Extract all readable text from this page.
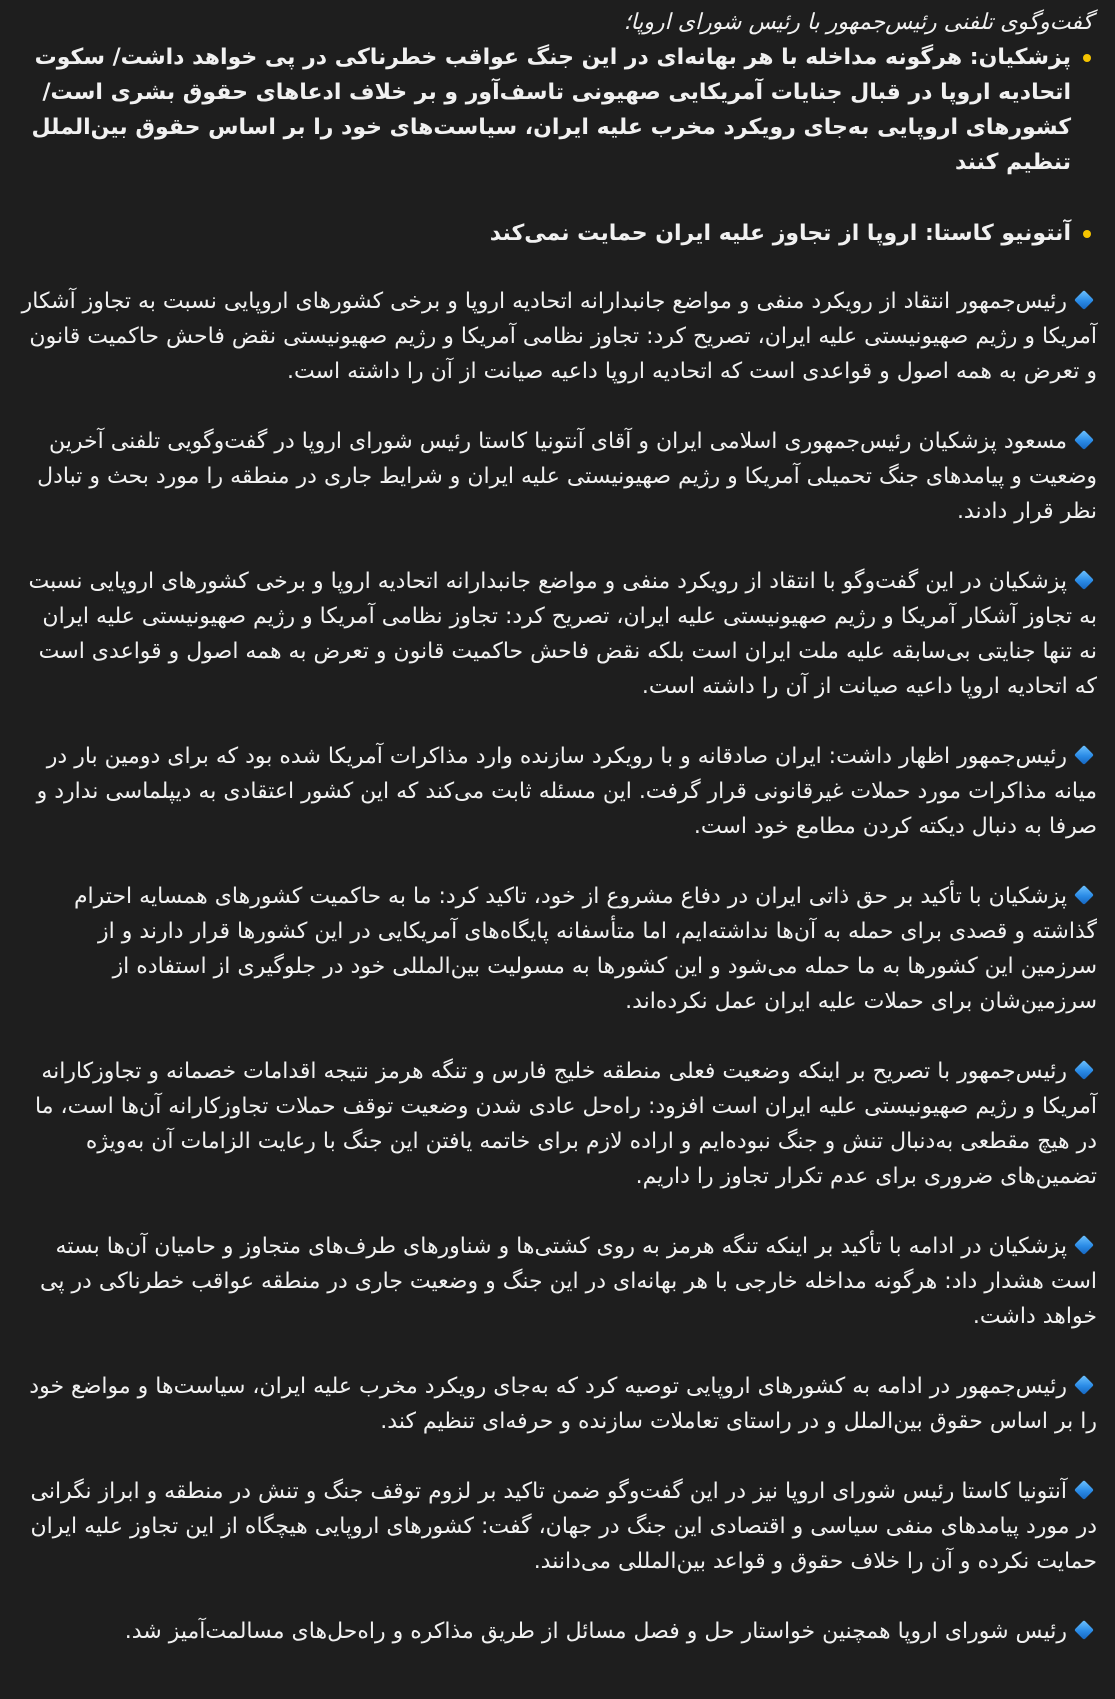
گفت‌وگوی تلفنی رئیس‌جمهور با رئیس شورای اروپا؛
پزشکیان: هرگونه مداخله با هر بهانه‌ای در این جنگ عواقب خطرناکی در پی خواهد داشت/ سکوت اتحادیه اروپا در قبال جنایات آمریکایی صهیونی تاسف‌آور و بر خلاف ادعاهای حقوق بشری است/ کشورهای اروپایی به‌جای رویکرد مخرب علیه ایران، سیاست‌های خود را بر اساس حقوق بین‌الملل تنظیم کنند
آنتونیو کاستا: اروپا از تجاوز علیه ایران حمایت نمی‌کند

رئیس‌جمهور انتقاد از رویکرد منفی و مواضع جانبدارانه اتحادیه اروپا و برخی کشورهای اروپایی نسبت به تجاوز آشکار آمریکا و رژیم صهیونیستی علیه ایران، تصریح کرد: تجاوز نظامی آمریکا و رژیم صهیونیستی نقض فاحش حاکمیت قانون و تعرض به همه اصول و قواعدی است که اتحادیه اروپا داعیه صیانت از آن را داشته است.

مسعود پزشکیان رئیس‌جمهوری اسلامی ایران و آقای آنتونیا کاستا رئیس شورای اروپا در گفت‌وگویی تلفنی آخرین وضعیت و پیامدهای جنگ تحمیلی آمریکا و رژیم صهیونیستی علیه ایران و شرایط جاری در منطقه را مورد بحث و تبادل نظر قرار دادند.

پزشکیان در این گفت‌وگو با انتقاد از رویکرد منفی و مواضع جانبدارانه اتحادیه اروپا و برخی کشورهای اروپایی نسبت به تجاوز آشکار آمریکا و رژیم صهیونیستی علیه ایران، تصریح کرد: تجاوز نظامی آمریکا و رژیم صهیونیستی علیه ایران نه تنها جنایتی بی‌سابقه علیه ملت ایران است بلکه نقض فاحش حاکمیت قانون و تعرض به همه اصول و قواعدی است که اتحادیه اروپا داعیه صیانت از آن را داشته است.

رئیس‌جمهور اظهار داشت: ایران صادقانه و با رویکرد سازنده وارد مذاکرات آمریکا شده بود که برای دومین بار در میانه مذاکرات مورد حملات غیرقانونی قرار گرفت. این مسئله ثابت می‌کند که این کشور اعتقادی به دیپلماسی ندارد و صرفا به دنبال دیکته کردن مطامع خود است.

پزشکیان با تأکید بر حق ذاتی ایران در دفاع مشروع از خود، تاکید کرد: ما به حاکمیت کشورهای همسایه احترام گذاشته و قصدی برای حمله به آن‌ها نداشته‌ایم، اما متأسفانه پایگاه‌های آمریکایی در این کشورها قرار دارند و از سرزمین این کشورها به ما حمله می‌شود و این کشورها به مسولیت بین‌المللی خود در جلوگیری از استفاده از سرزمین‌شان برای حملات علیه ایران عمل نکرده‌اند.

رئیس‌جمهور با تصریح بر اینکه وضعیت فعلی منطقه خلیج فارس و تنگه هرمز نتیجه اقدامات خصمانه و تجاوزکارانه آمریکا و رژیم صهیونیستی علیه ایران است افزود: راه‌حل عادی شدن وضعیت توقف حملات تجاوزکارانه آن‌ها است، ما در هیچ مقطعی به‌دنبال تنش و جنگ نبوده‌ایم و اراده لازم برای خاتمه یافتن این جنگ با رعایت الزامات آن به‌ویژه تضمین‌های ضروری برای عدم تکرار تجاوز را داریم.

پزشکیان در ادامه با تأکید بر اینکه تنگه هرمز به روی کشتی‌ها و شناورهای طرف‌های متجاوز و حامیان آن‌ها بسته است هشدار داد: هرگونه مداخله خارجی با هر بهانه‌ای در این جنگ و وضعیت جاری در منطقه عواقب خطرناکی در پی خواهد داشت.

رئیس‌جمهور در ادامه به کشورهای اروپایی توصیه کرد که به‌جای رویکرد مخرب علیه ایران، سیاست‌ها و مواضع خود را بر اساس حقوق بین‌الملل و در راستای تعاملات سازنده و حرفه‌ای تنظیم کند.

آنتونیا کاستا رئیس شورای اروپا نیز در این گفت‌وگو ضمن تاکید بر لزوم توقف جنگ و تنش در منطقه و ابراز نگرانی در مورد پیامدهای منفی سیاسی و اقتصادی این جنگ در جهان، گفت: کشورهای اروپایی هیچگاه از این تجاوز علیه ایران حمایت نکرده و آن را خلاف حقوق و قواعد بین‌المللی می‌دانند.

رئیس شورای اروپا همچنین خواستار حل و فصل مسائل از طریق مذاکره و راه‌حل‌های مسالمت‌آمیز شد.
